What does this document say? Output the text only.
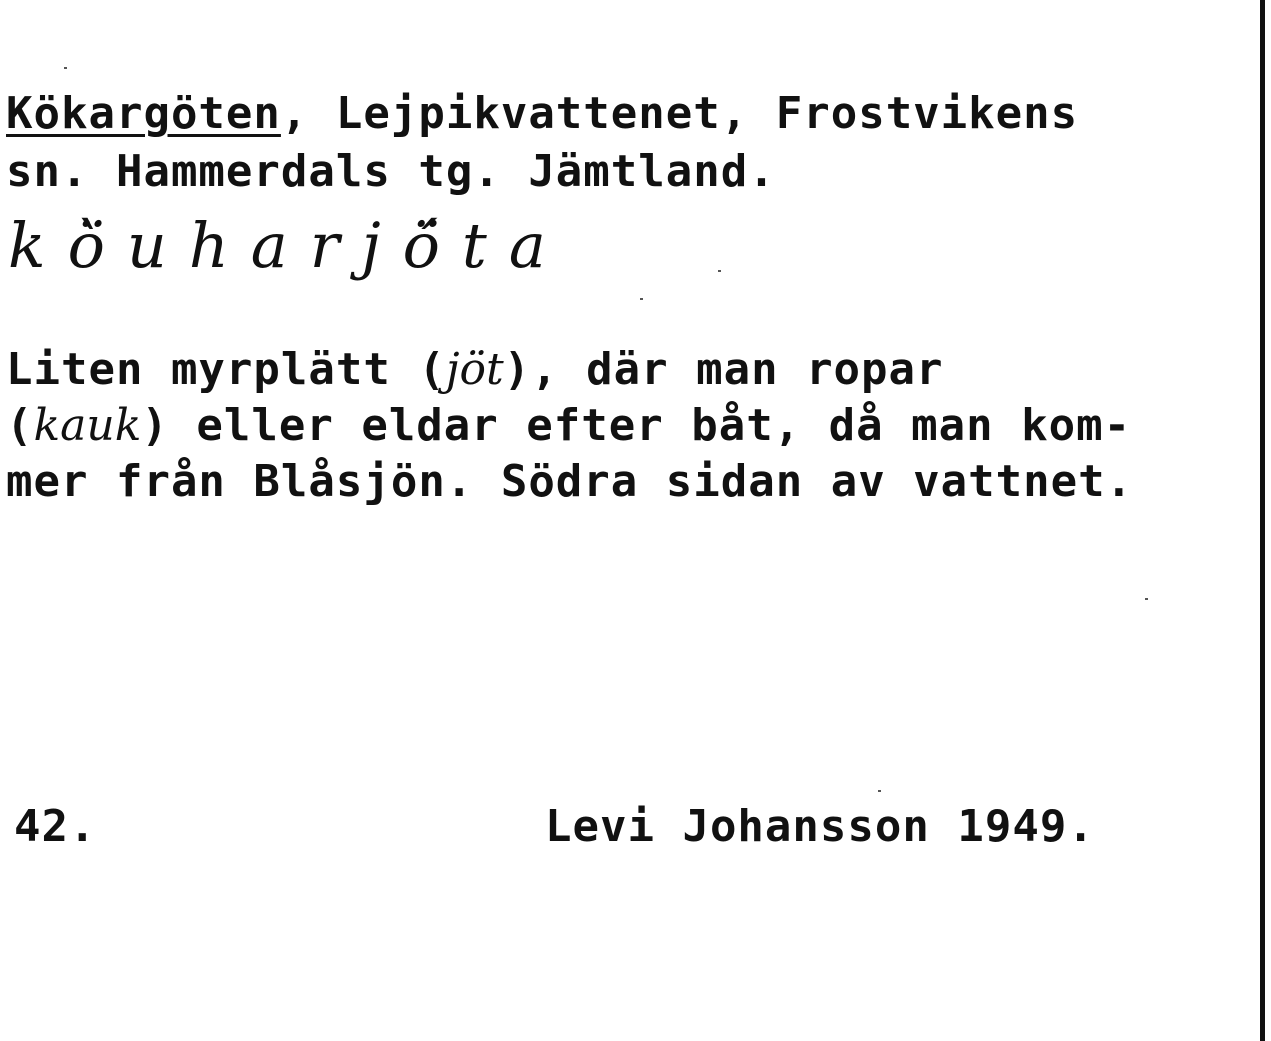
Kökargöten, Lejpikvattenet, Frostvikens
sn. Hammerdals tg. Jämtland.
kö̀uharjö́ta
Liten myrplätt (jöt), där man ropar
(kauk) eller eldar efter båt, då man kom-
mer från Blåsjön. Södra sidan av vattnet.
42.	Levi Johansson 1949.
